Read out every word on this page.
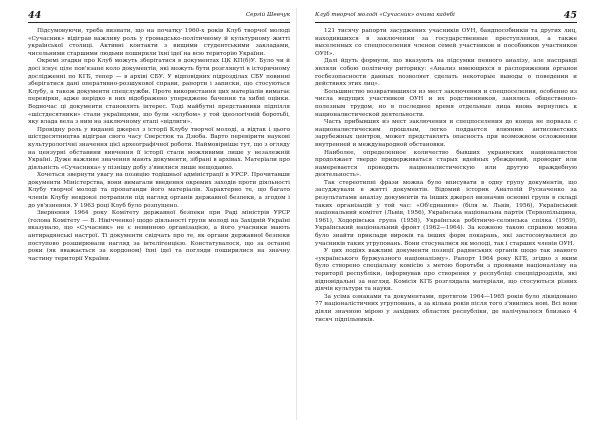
44	Сергій Шевчук

Підсумовуючи, треба визнати, що на початку 1960-х років Клуб творчої молоді «Сучасник» відіграв важливу роль у громадсько-політичному й культурному житті української столиці. Активні контакти з вищими студентськими закладами, чисельними старшими людьми поширили їхні ідеї на всю територію України.

Окремі згадки про Клуб можуть зберігатися в документах ЦК КП(б)У. Було чи й досі існує ціле пов'язане коло документів, які можуть бути розглянуті в історичному дослідженні по КГБ, тепер — в архіві СБУ. У відповідних підрозділах СБУ повинні зберігатися дані оперативно-розшукової справи, рапорти і записки, що стосуються Клубу, а також документи спецслужби. Проте використання цих матеріалів вимагає перевірки, адже нерідко в них відображено упереджене бачення та хибні оцінки. Водночас ці документи становлять інтерес. Тоді майбутні представники підпілля «шістдесятники» стали українцями, що були «клубом» у той ідеологічній боротьбі, яку влада вела з ним на заключному етапі «відлиги».

Провідну роль у виданні джерел з історії Клубу творчої молоді, а відтак і цього шістдесятництва відіграв свого часу Сверстюк та Дзюба. Варто перевірити наукові культурологічні значення цієї археографічної роботи. Наймовірніше тут, що з огляду на цензурні обставини вивчення її історії стали можливими лише у незалежній Україні. Дуже важливе значення мають документи, зібрані в архівах. Матеріали про діяльність «Сучасника» у пізнішу добу з'явилися лише нещодавно.

Хочеться звернути увагу на позицію тодішньої адміністрації в УРСР. Прочитавши документи Міністерства, вони вимагали введення окремих заходів проти діяльності Клубу творчої молоді та пропаганди його матеріалів. Характерно те, що багато членів Клубу невдовзі потрапили під нагляд органів державної безпеки, а згодом і до ув'язнення. У 1963 році Клуб було розпущено.

Звернення 1964 року Комітету державної безпеки при Раді міністрів УРСР (голова Комітету — В. Нікічченко) щодо діяльності групи молоді на Західній Україні вказувало, що «Сучасник» не є невинною організацією, а його учасники мають антирадянські настрої. Ті документи свідчать про те, як органи державної безпеки поступово розширювали нагляд за інтелігенцією. Констатувалося, що за останні роки (як вважається за кордоном) їхні ідеї та погляди поширилися на значну частину території України.

Клуб творчої молоді «Сучасник» очима кадебі	45

121 тисячу рапорти засуджених учасників ОУН, бандпособників та других лиц, находившихся в заключении за государственные преступления, а также выселенных со спецпоселения членов семей участников и пособников участников ОУН».

Далі йдуть формули, що вказують на підсумки певного аналізу, але насправді являли собою політичну риторику: «Анализ имеющихся в распоряжении органов госбезопасности данных позволяет сделать некоторые выводы о поведении и действиях этих лиц».

Большинство возвратившихся из мест заключения и спецпоселения, особенно из числа ведущих участников ОУН и их родственников, занялись общественно-полезным трудом, но в последнее время отдельные лица вновь вернулись к националистической деятельности.

Часть прибывших из мест заключения и спецпоселения до конца не порвала с националистическим прошлым, легко поддается влиянию антисоветских зарубежных центров, может представлять опасность при возможном осложнении внутренней и международной обстановки.

Наиболее, определенное количество бывших украинских националистов продолжает твердо придерживаться старых идейных убеждений, проводит или намеревается проводить националистическую или другую враждебную деятельность».

Так стереотипні фрази можна було вписувати в одну групу документів, що засуджували в житті документів. Відомий історик Анатолій Русначенко за результатами аналізу документів та інших джерел визначив основні групи в складі таких організацій у той час: «Об'єднання» (біля м. Львів, 1956), Український національний комітет (Львів, 1956), Українська національна партія (Тернопільщина, 1961), Ходорівська група (1958), Українська робітничо-селянська спілка (1959), Український національний фронт (1962—1964). За кожною такою справою можна було знайти приклади вироків та інших форм покарань, які застосовувалися до учасників таких угруповань. Вони стосувалися як молоді, так і старших членів ОУН.

У цих подіях важливі документи позиції радянських органів щодо так званого «українського буржуазного націоналізму». Рапорт 1964 року КГБ, згідно з яким було створено спеціальну комісію з метою боротьби з проявами націоналізму на території республіки, інформував про створення у республіці спецпідрозділів, які відповідальні за нагляд. Комісія КГБ розглядала матеріали, що стосуються різних діячів культури та науки.

За усіма ознаками та документами, протягом 1964—1965 років було ліквідовано 77 націоналістичних угруповань, а за кілька років після того з'явились нові. Всі вони діяли значною мірою у західних областях республіки, де налічувалося близько 4 тисяч підпільників.
